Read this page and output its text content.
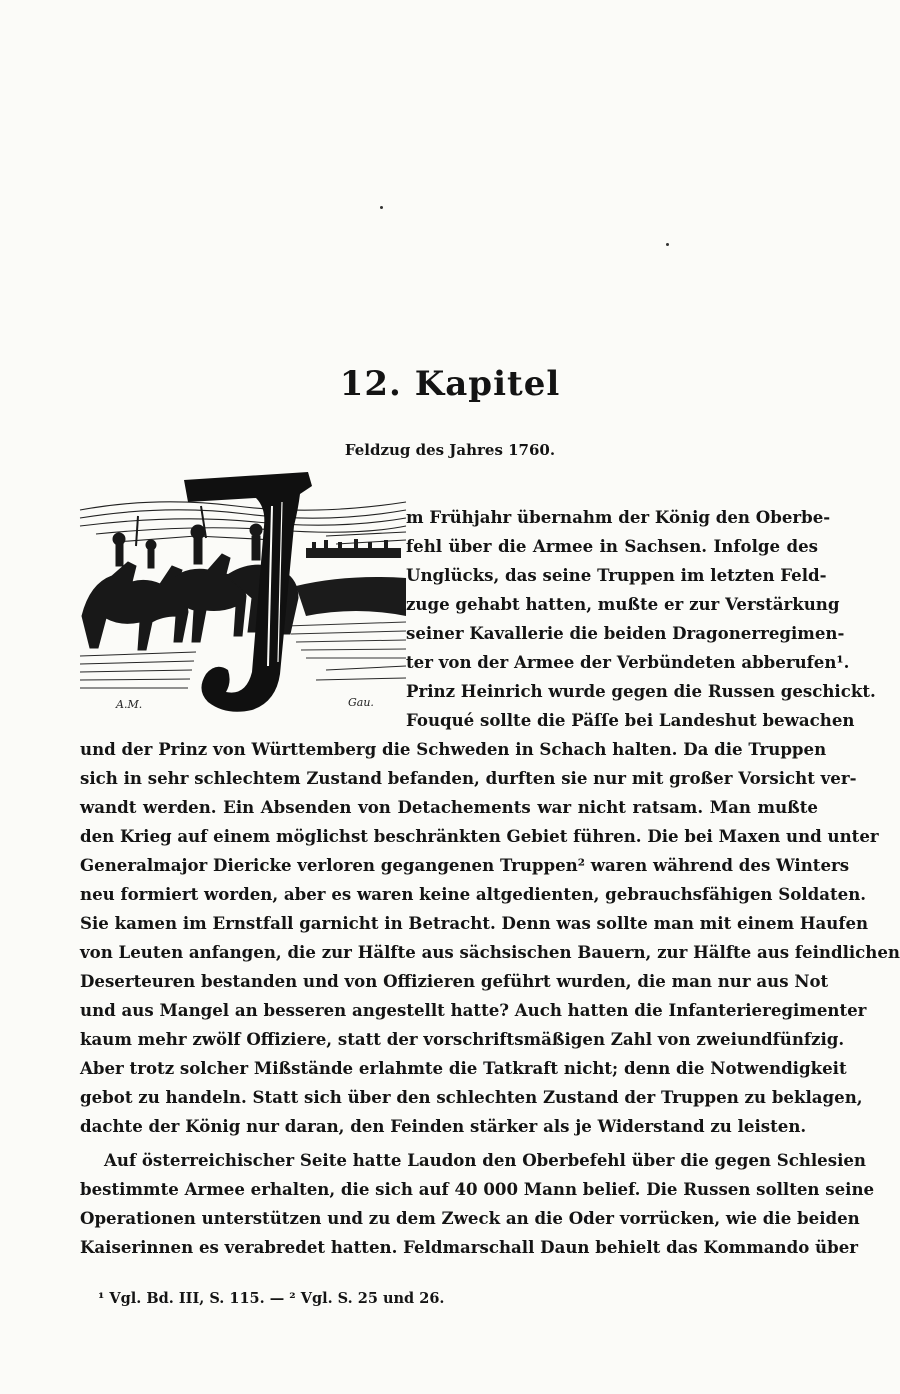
12. Kapitel
Feldzug des Jahres 1760.
A.M.	Gau.
m Frühjahr übernahm der König den Oberbe-
fehl über die Armee in Sachsen. Infolge des
Unglücks, das seine Truppen im letzten Feld-
zuge gehabt hatten, mußte er zur Verstärkung
seiner Kavallerie die beiden Dragonerregimen-
ter von der Armee der Verbündeten abberufen¹.
Prinz Heinrich wurde gegen die Russen geschickt.
Fouqué sollte die Päſſe bei Landeshut bewachen
und der Prinz von Württemberg die Schweden in Schach halten. Da die Truppen
sich in sehr schlechtem Zustand befanden, durften sie nur mit großer Vorsicht ver-
wandt werden. Ein Absenden von Detachements war nicht ratsam. Man mußte
den Krieg auf einem möglichst beschränkten Gebiet führen. Die bei Maxen und unter
Generalmajor Diericke verloren gegangenen Truppen² waren während des Winters
neu formiert worden, aber es waren keine altgedienten, gebrauchsfähigen Soldaten.
Sie kamen im Ernstfall garnicht in Betracht. Denn was sollte man mit einem Haufen
von Leuten anfangen, die zur Hälfte aus sächsischen Bauern, zur Hälfte aus feindlichen
Deserteuren bestanden und von Offizieren geführt wurden, die man nur aus Not
und aus Mangel an besseren angestellt hatte? Auch hatten die Infanterieregimenter
kaum mehr zwölf Offiziere, statt der vorschriftsmäßigen Zahl von zweiundfünfzig.
Aber trotz solcher Mißstände erlahmte die Tatkraft nicht; denn die Notwendigkeit
gebot zu handeln. Statt sich über den schlechten Zustand der Truppen zu beklagen,
dachte der König nur daran, den Feinden stärker als je Widerstand zu leisten.
Auf österreichischer Seite hatte Laudon den Oberbefehl über die gegen Schlesien
bestimmte Armee erhalten, die sich auf 40 000 Mann belief. Die Russen sollten seine
Operationen unterstützen und zu dem Zweck an die Oder vorrücken, wie die beiden
Kaiserinnen es verabredet hatten. Feldmarschall Daun behielt das Kommando über
¹ Vgl. Bd. III, S. 115. — ² Vgl. S. 25 und 26.
